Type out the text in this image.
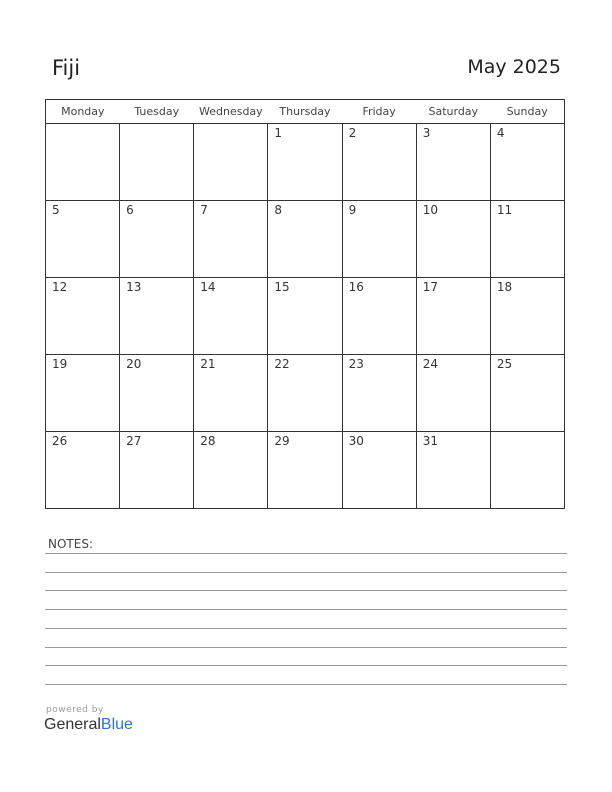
Fiji	May 2025
Monday	Tuesday	Wednesday	Thursday	Friday	Saturday	Sunday

			1	2	3	4

5	6	7	8	9	10	11

12	13	14	15	16	17	18

19	20	21	22	23	24	25

26	27	28	29	30	31	

NOTES:
powered by
GeneralBlue
